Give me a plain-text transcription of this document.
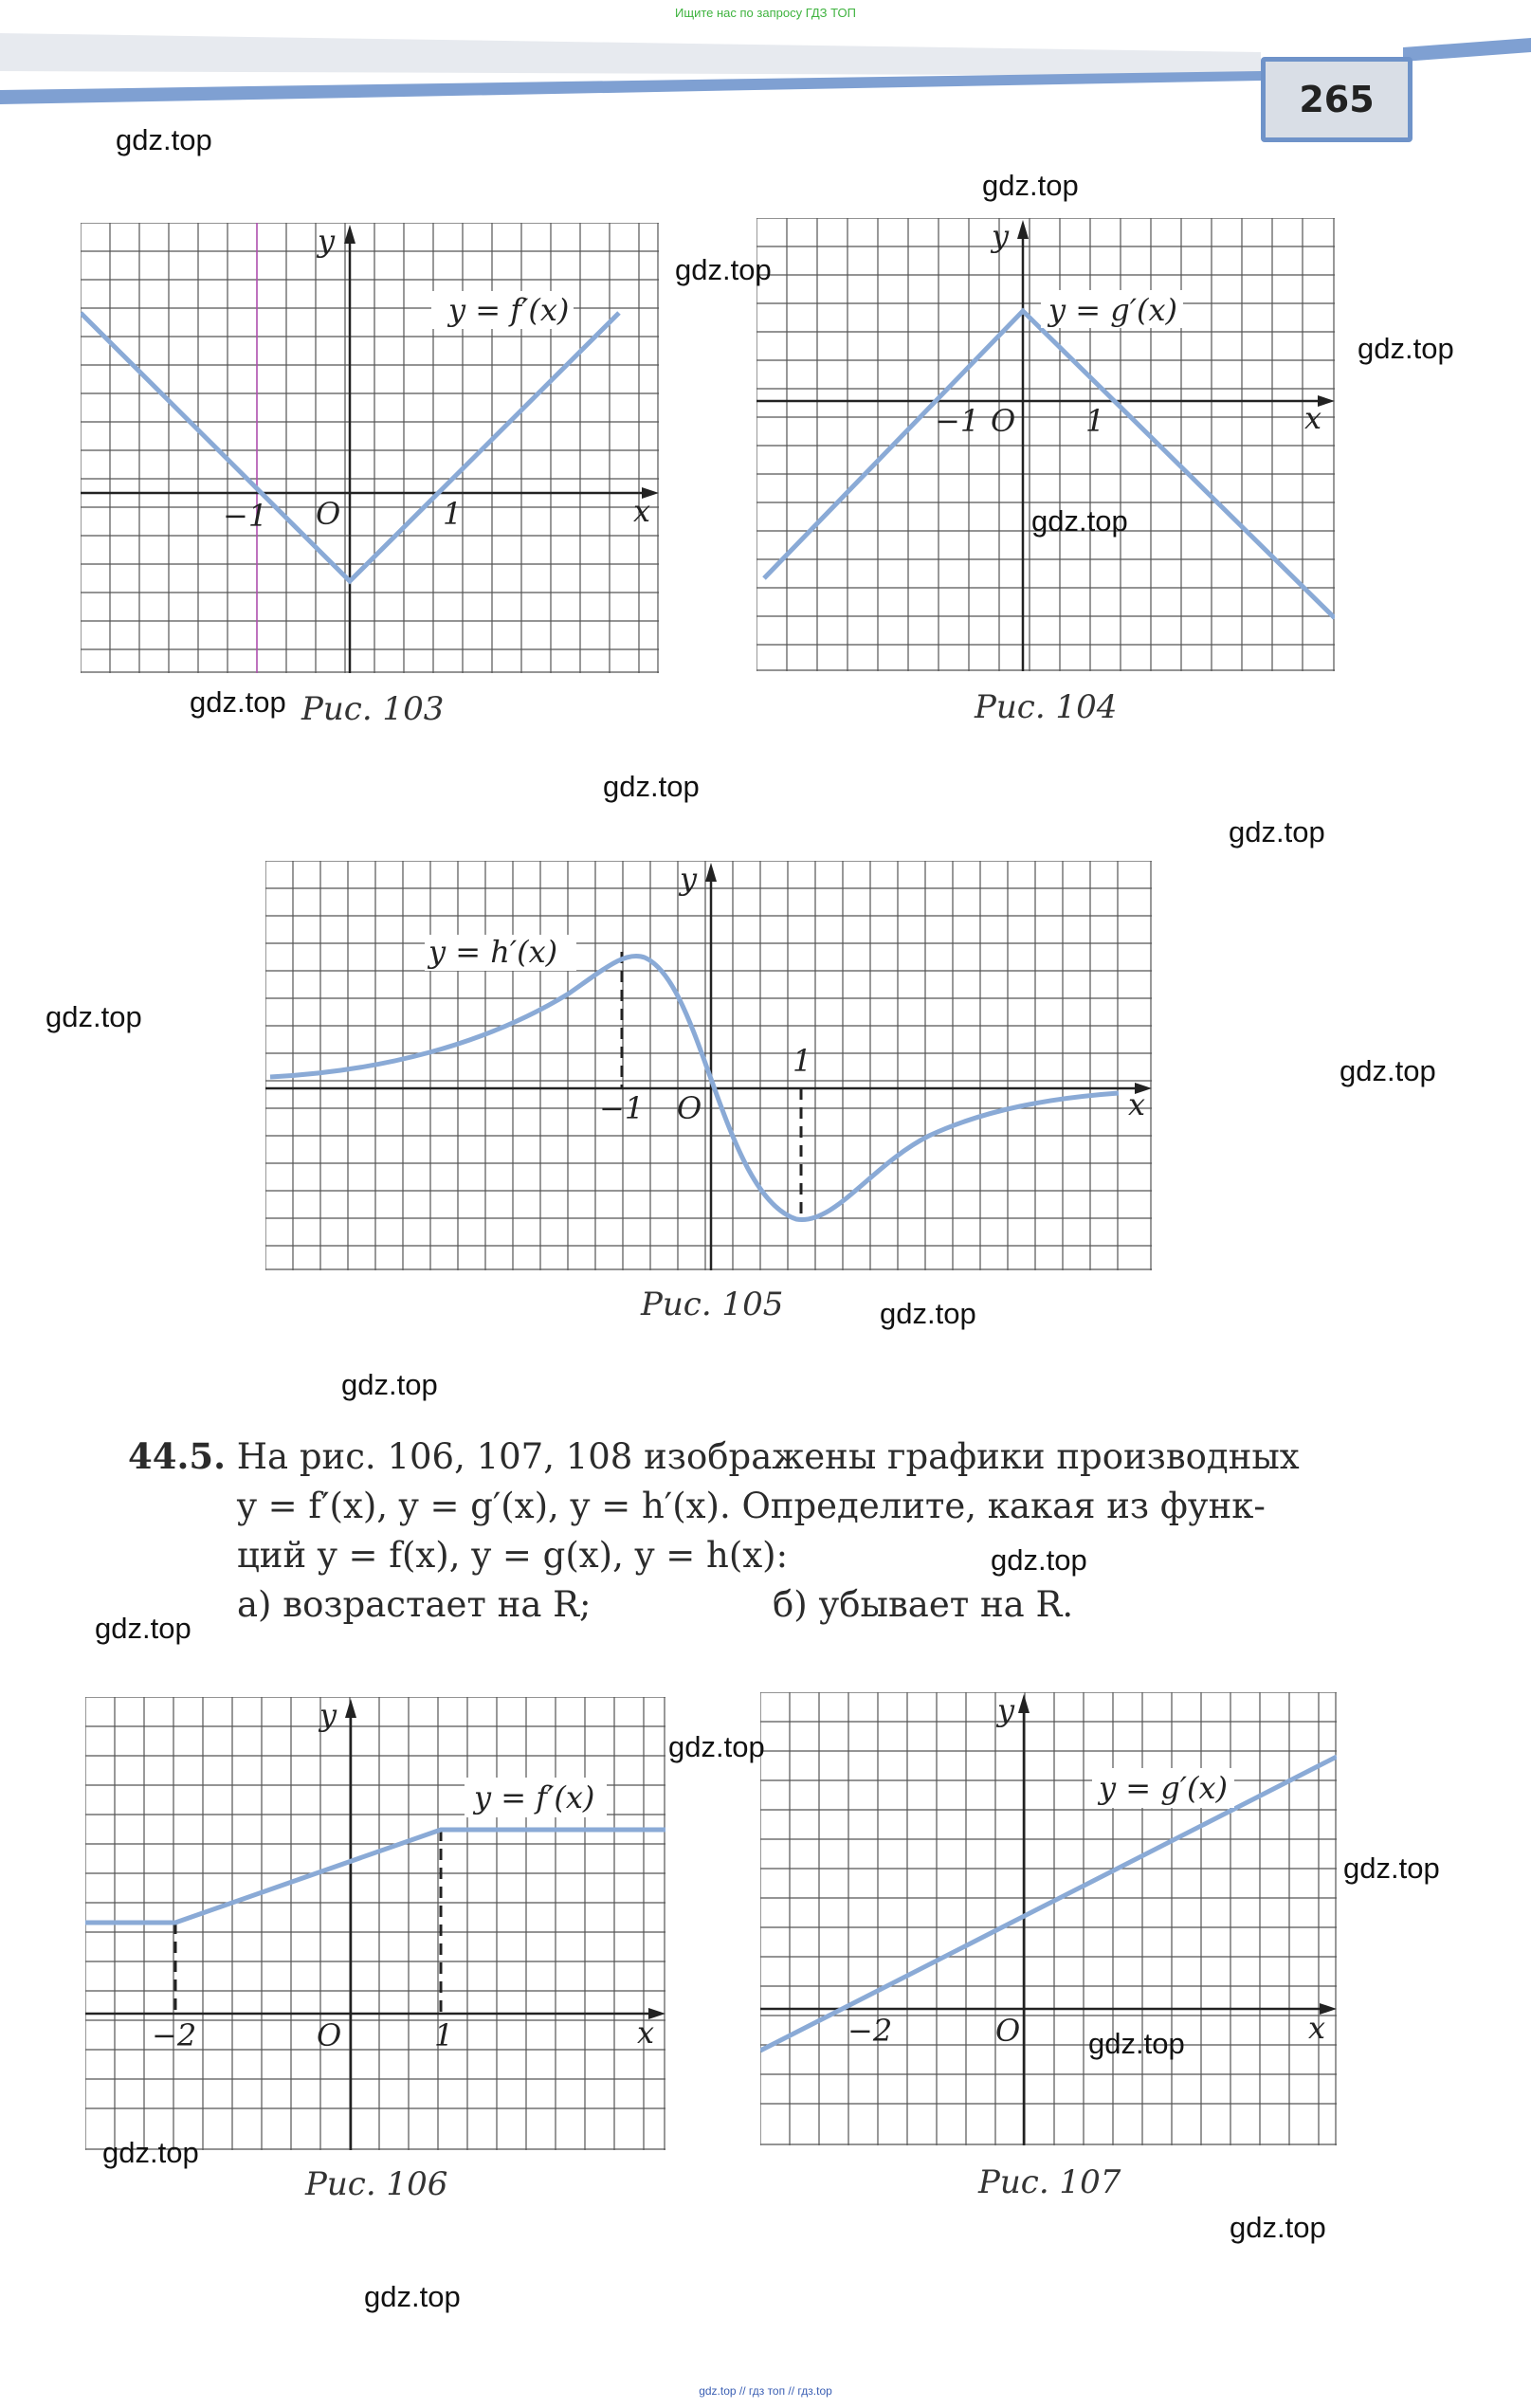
Ищите нас по запросу ГДЗ ТОП
265
y = f′(x)
y
x
O
−1	1
Рис. 103
y = g′(x)
y
x
O
−1	1
Рис. 104
y = h′(x)
y
x
O
−1
1
Рис. 105
44.5. На рис. 106, 107, 108 изображены графики производных
y = f′(x), y = g′(x), y = h′(x). Определите, какая из функ-
ций y = f(x), y = g(x), y = h(x):
а) возрастает на R;	б) убывает на R.
y = f′(x)
y
x
O
−2	1
Рис. 106
y = g′(x)
y
x
O
−2
Рис. 107
gdz.top
gdz.top
gdz.top
gdz.top
gdz.top
gdz.top
gdz.top
gdz.top
gdz.top
gdz.top
gdz.top
gdz.top
gdz.top
gdz.top
gdz.top
gdz.top
gdz.top
gdz.top
gdz.top
gdz.top
gdz.top // гдз топ // гдз.top
